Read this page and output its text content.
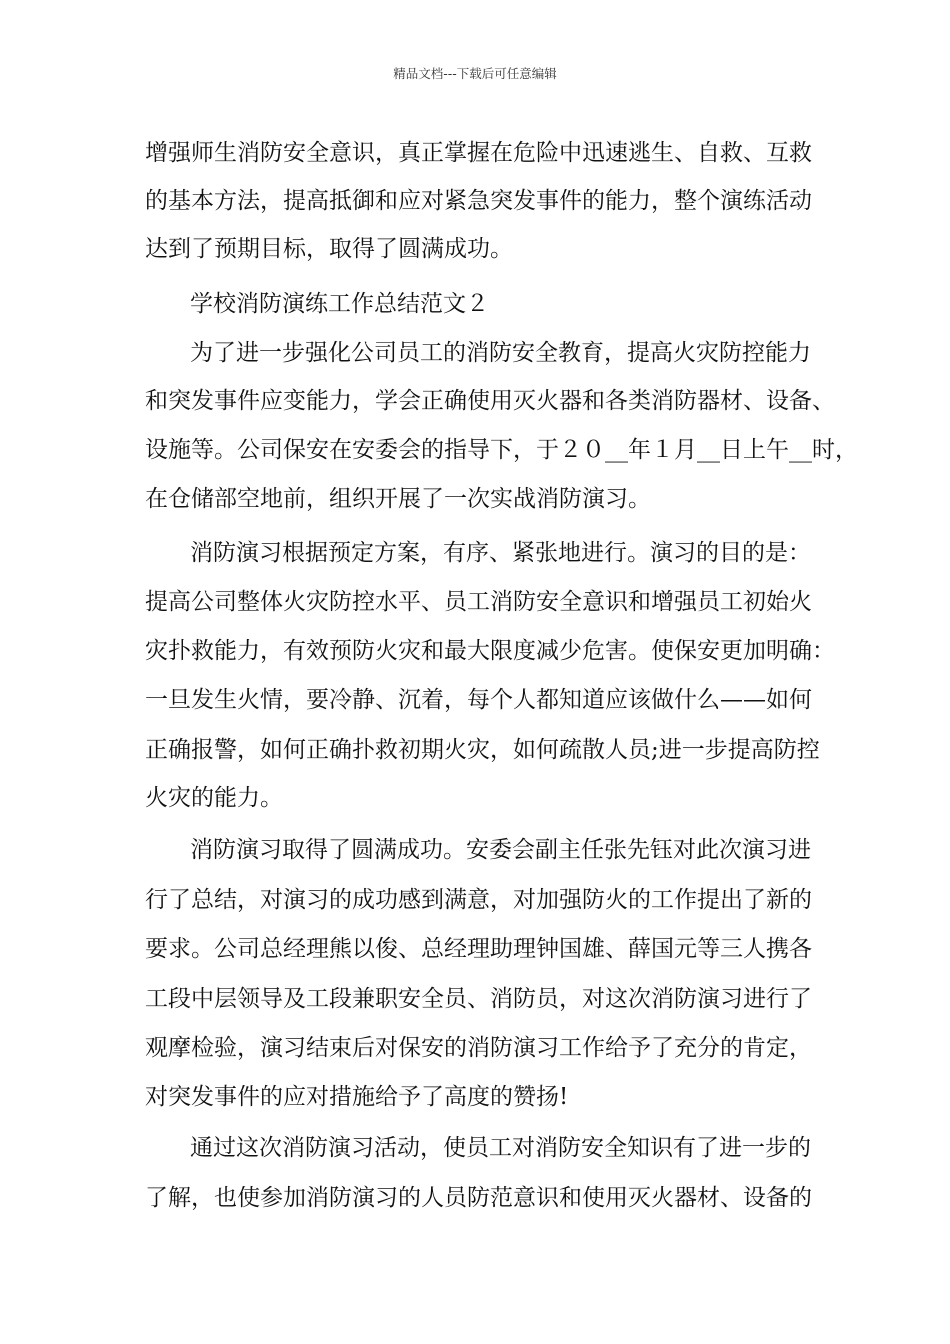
精品文档---下载后可任意编辑
增强师生消防安全意识，真正掌握在危险中迅速逃生、自救、互救
的基本方法，提高抵御和应对紧急突发事件的能力，整个演练活动
达到了预期目标，取得了圆满成功。
学校消防演练工作总结范文２
为了进一步强化公司员工的消防安全教育，提高火灾防控能力
和突发事件应变能力，学会正确使用灭火器和各类消防器材、设备、
设施等。公司保安在安委会的指导下，于２０__年１月__日上午__时，
在仓储部空地前，组织开展了一次实战消防演习。
消防演习根据预定方案，有序、紧张地进行。演习的目的是：
提高公司整体火灾防控水平、员工消防安全意识和增强员工初始火
灾扑救能力，有效预防火灾和最大限度减少危害。使保安更加明确：
一旦发生火情，要冷静、沉着，每个人都知道应该做什么——如何
正确报警，如何正确扑救初期火灾，如何疏散人员;进一步提高防控
火灾的能力。
消防演习取得了圆满成功。安委会副主任张先钰对此次演习进
行了总结，对演习的成功感到满意，对加强防火的工作提出了新的
要求。公司总经理熊以俊、总经理助理钟国雄、薛国元等三人携各
工段中层领导及工段兼职安全员、消防员，对这次消防演习进行了
观摩检验，演习结束后对保安的消防演习工作给予了充分的肯定，
对突发事件的应对措施给予了高度的赞扬!
通过这次消防演习活动，使员工对消防安全知识有了进一步的
了解，也使参加消防演习的人员防范意识和使用灭火器材、设备的
